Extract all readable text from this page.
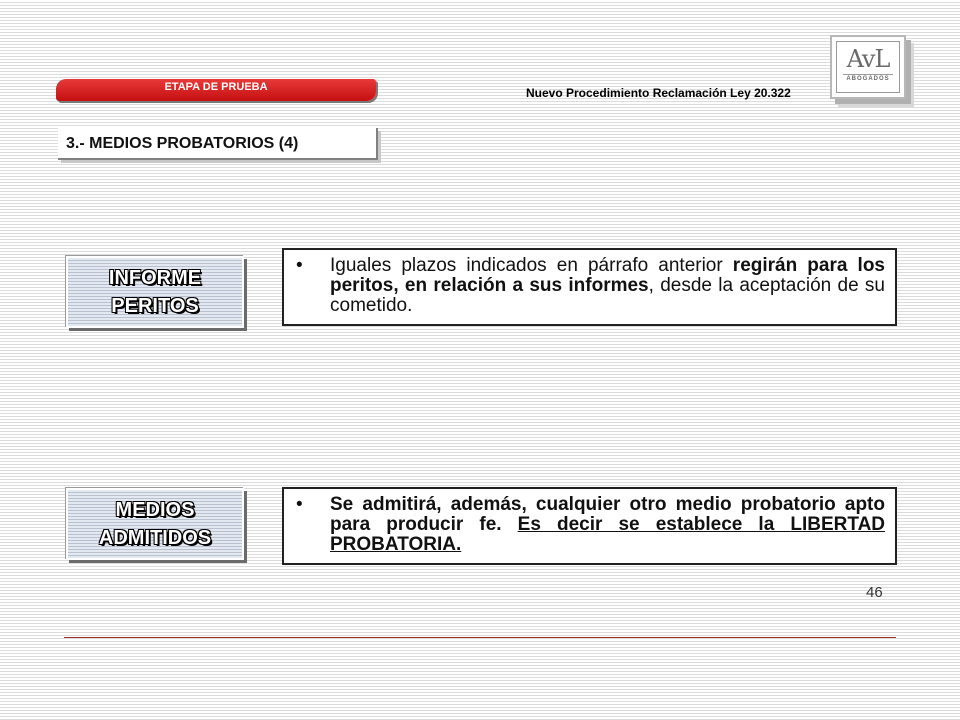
ETAPA DE PRUEBA	Nuevo Procedimiento Reclamación Ley 20.322
AvL
ABOGADOS
3.- MEDIOS PROBATORIOS (4)
INFORME
PERITOS
• Iguales plazos indicados en párrafo anterior regirán para los peritos, en relación a sus informes, desde la aceptación de su cometido.
MEDIOS
ADMITIDOS
• Se admitirá, además, cualquier otro medio probatorio apto para producir fe. Es decir se establece la LIBERTAD PROBATORIA.
46
